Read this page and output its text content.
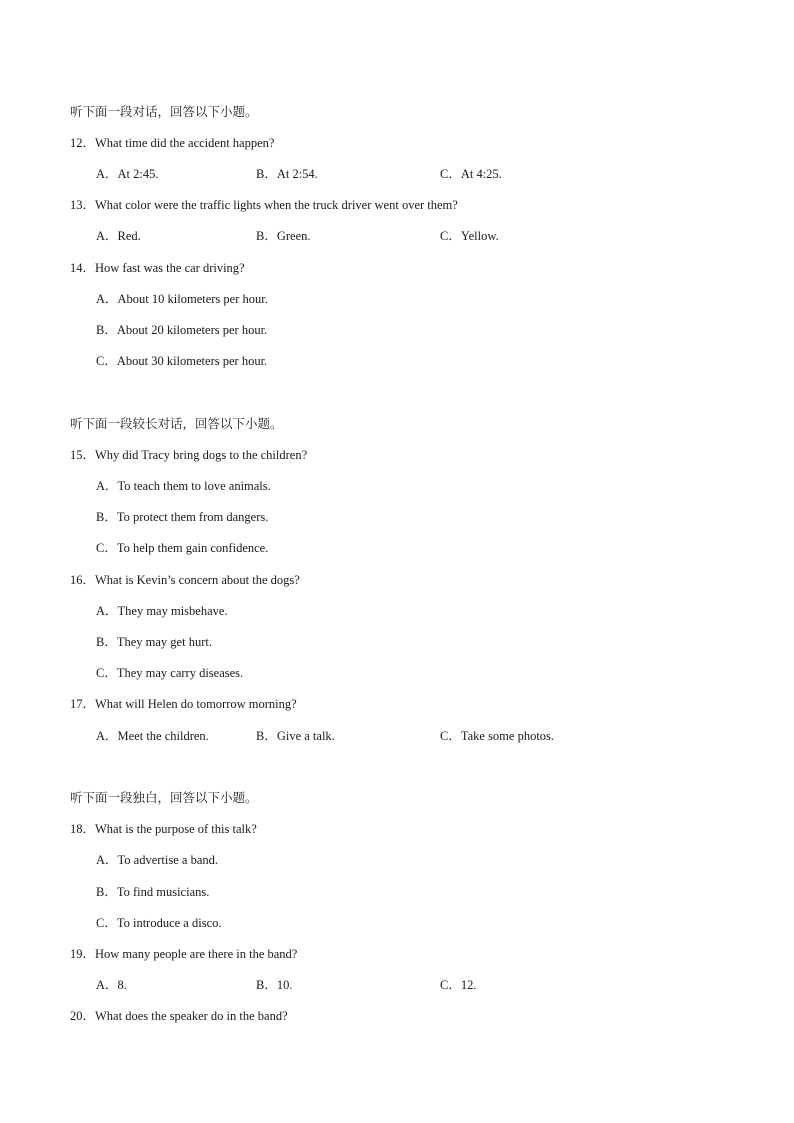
听下面一段对话，回答以下小题。
12．What time did the accident happen?
A．At 2:45.	B．At 2:54.	C．At 4:25.
13．What color were the traffic lights when the truck driver went over them?
A．Red.	B．Green.	C．Yellow.
14．How fast was the car driving?
A．About 10 kilometers per hour.
B．About 20 kilometers per hour.
C．About 30 kilometers per hour.
听下面一段较长对话，回答以下小题。
15．Why did Tracy bring dogs to the children?
A．To teach them to love animals.
B．To protect them from dangers.
C．To help them gain confidence.
16．What is Kevin’s concern about the dogs?
A．They may misbehave.
B．They may get hurt.
C．They may carry diseases.
17．What will Helen do tomorrow morning?
A．Meet the children.	B．Give a talk.	C．Take some photos.
听下面一段独白，回答以下小题。
18．What is the purpose of this talk?
A．To advertise a band.
B．To find musicians.
C．To introduce a disco.
19．How many people are there in the band?
A．8.	B．10.	C．12.
20．What does the speaker do in the band?
